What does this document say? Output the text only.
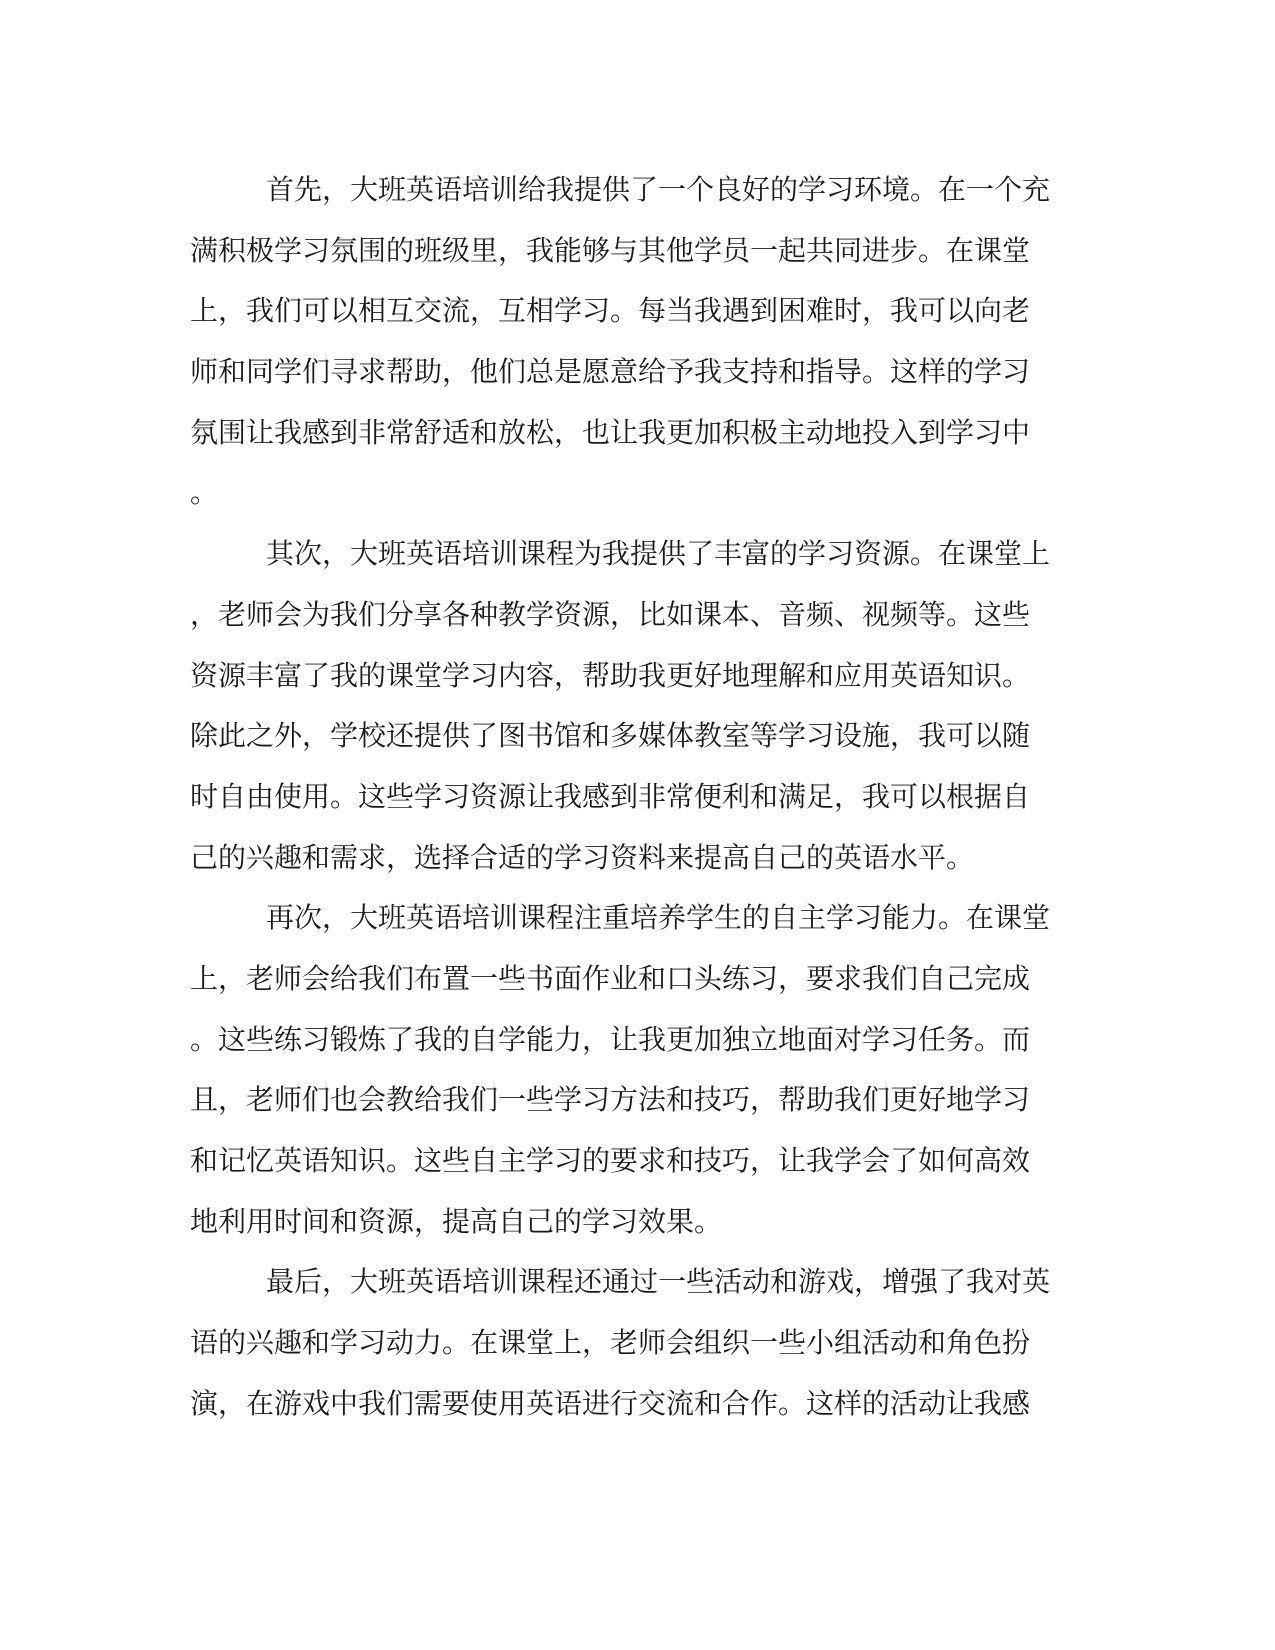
首先，大班英语培训给我提供了一个良好的学习环境。在一个充
满积极学习氛围的班级里，我能够与其他学员一起共同进步。在课堂
上，我们可以相互交流，互相学习。每当我遇到困难时，我可以向老
师和同学们寻求帮助，他们总是愿意给予我支持和指导。这样的学习
氛围让我感到非常舒适和放松，也让我更加积极主动地投入到学习中
。
其次，大班英语培训课程为我提供了丰富的学习资源。在课堂上
，老师会为我们分享各种教学资源，比如课本、音频、视频等。这些
资源丰富了我的课堂学习内容，帮助我更好地理解和应用英语知识。
除此之外，学校还提供了图书馆和多媒体教室等学习设施，我可以随
时自由使用。这些学习资源让我感到非常便利和满足，我可以根据自
己的兴趣和需求，选择合适的学习资料来提高自己的英语水平。
再次，大班英语培训课程注重培养学生的自主学习能力。在课堂
上，老师会给我们布置一些书面作业和口头练习，要求我们自己完成
。这些练习锻炼了我的自学能力，让我更加独立地面对学习任务。而
且，老师们也会教给我们一些学习方法和技巧，帮助我们更好地学习
和记忆英语知识。这些自主学习的要求和技巧，让我学会了如何高效
地利用时间和资源，提高自己的学习效果。
最后，大班英语培训课程还通过一些活动和游戏，增强了我对英
语的兴趣和学习动力。在课堂上，老师会组织一些小组活动和角色扮
演，在游戏中我们需要使用英语进行交流和合作。这样的活动让我感
